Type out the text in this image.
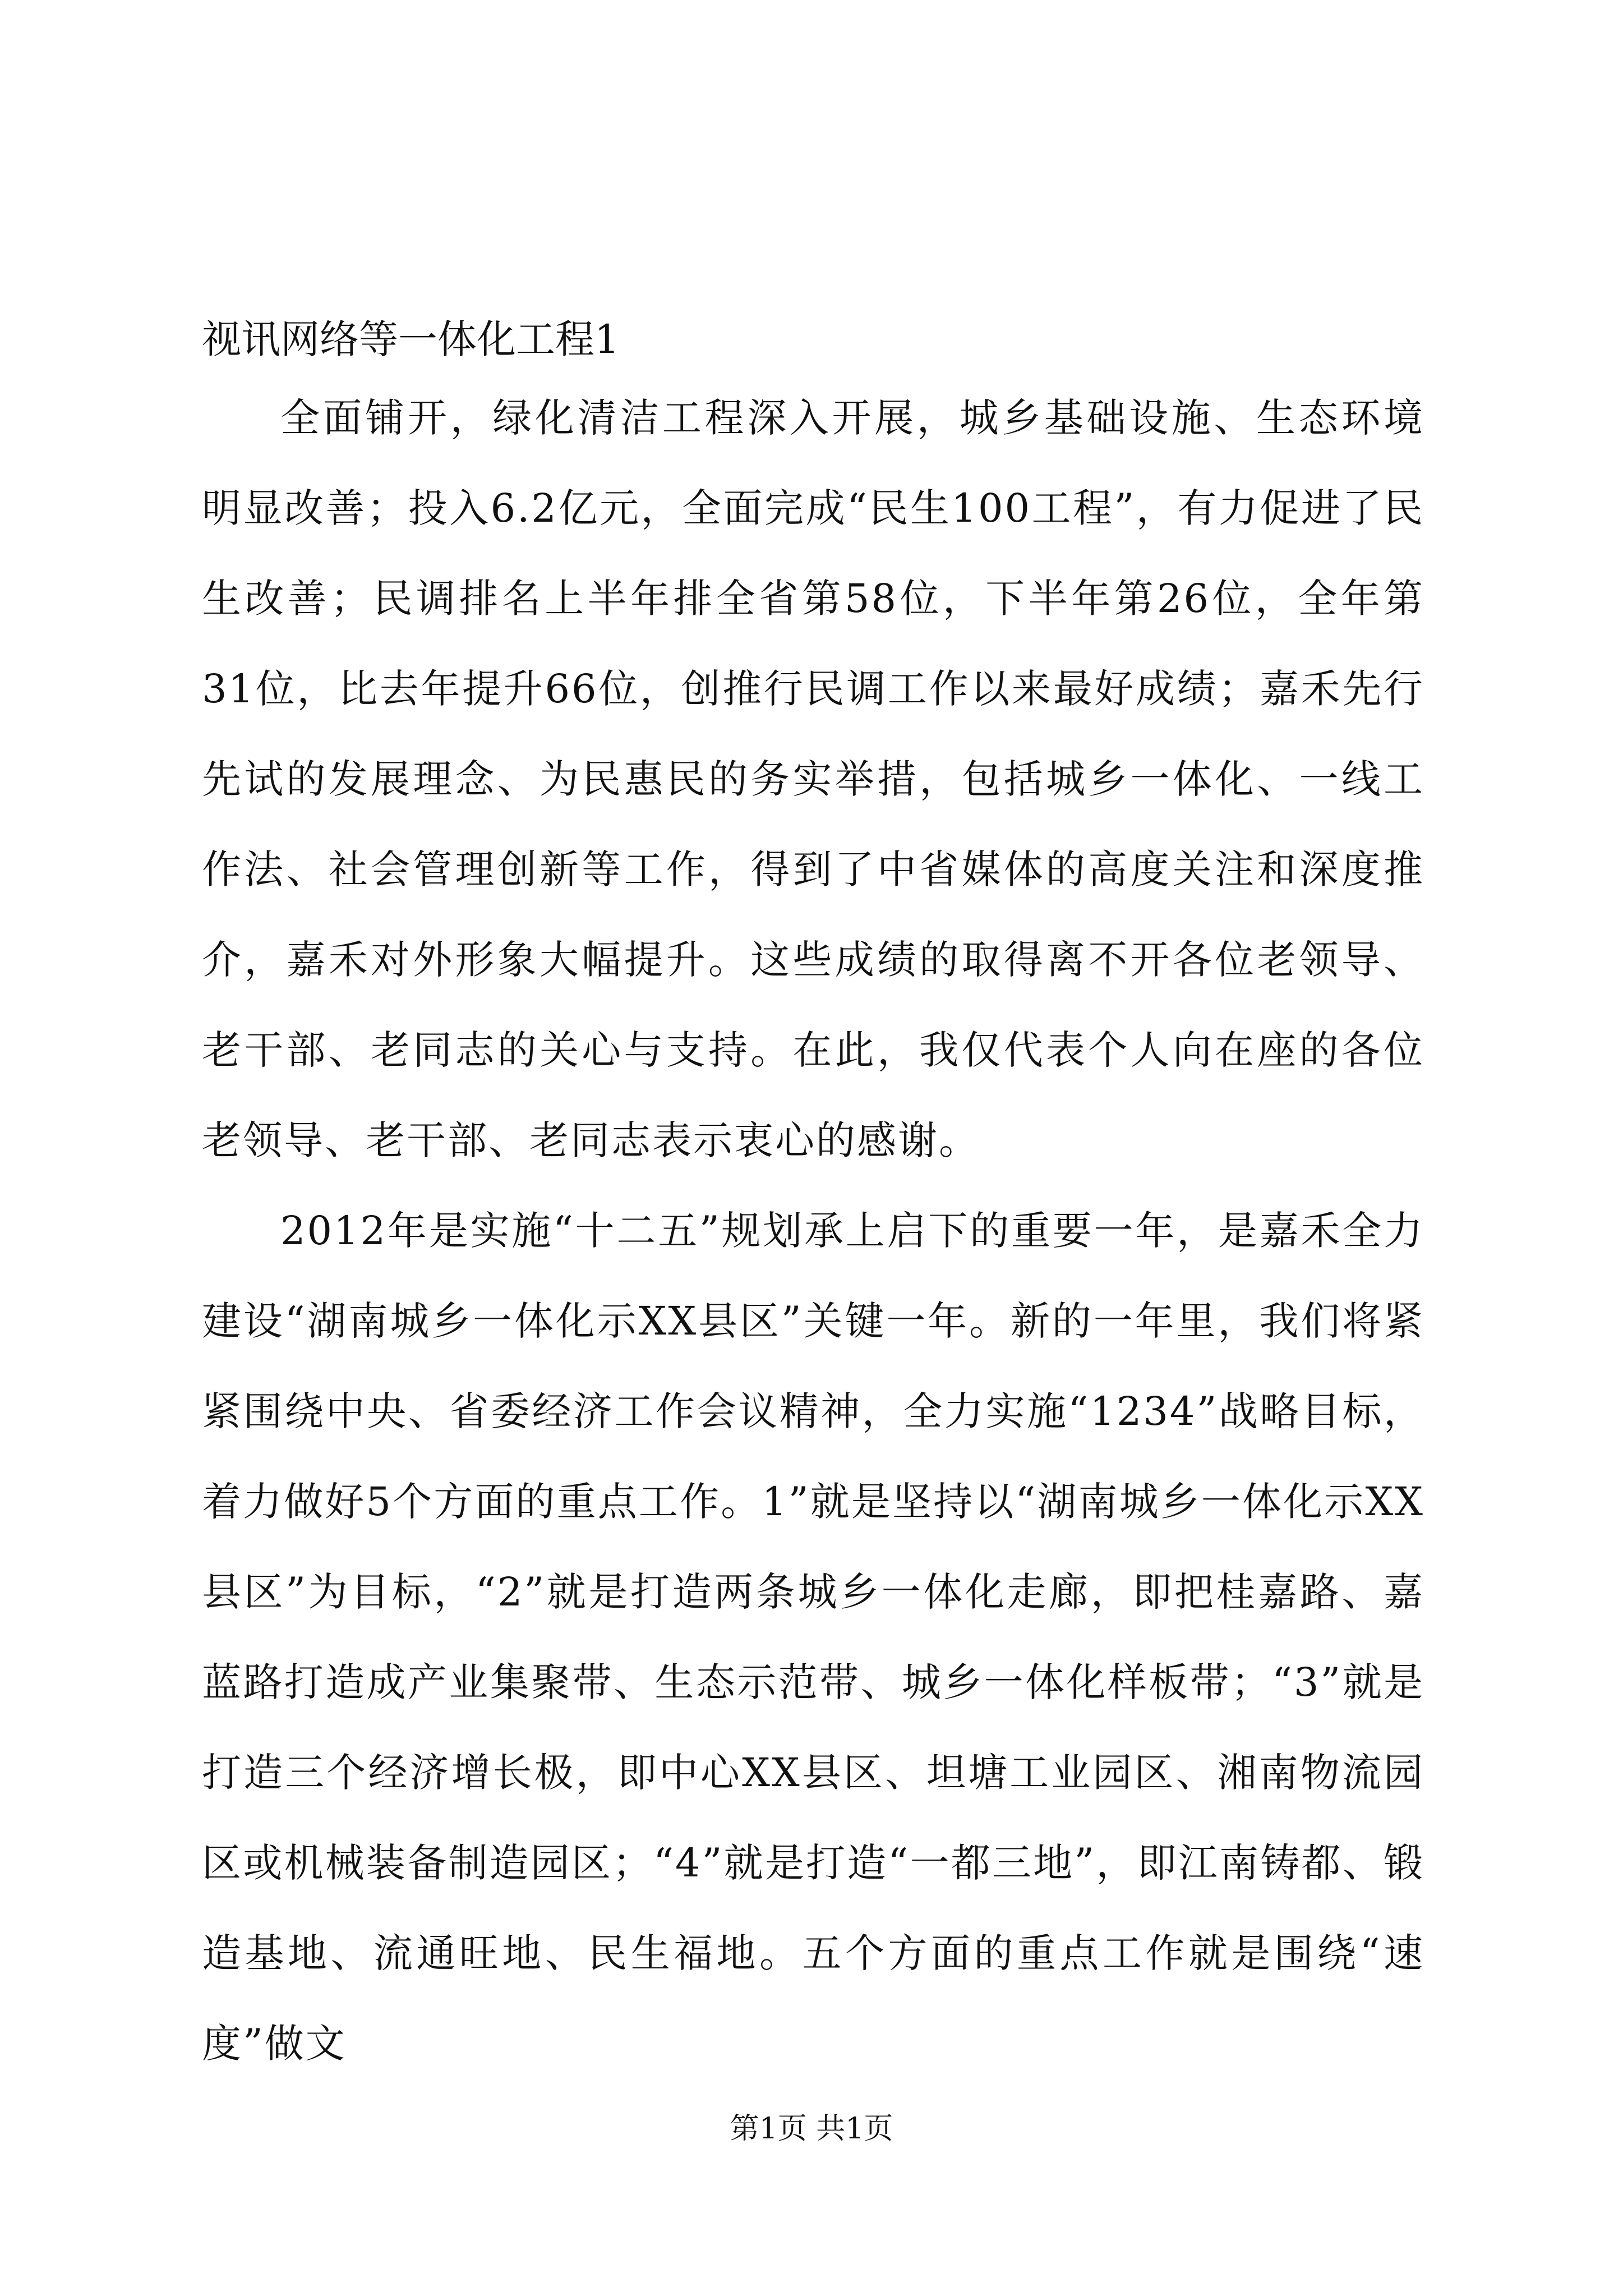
视讯网络等一体化工程1

全面铺开，绿化清洁工程深入开展，城乡基础设施、生态环境明显改善；投入6.2亿元，全面完成“民生100工程”，有力促进了民生改善；民调排名上半年排全省第58位，下半年第26位，全年第31位，比去年提升66位，创推行民调工作以来最好成绩；嘉禾先行先试的发展理念、为民惠民的务实举措，包括城乡一体化、一线工作法、社会管理创新等工作，得到了中省媒体的高度关注和深度推介，嘉禾对外形象大幅提升。这些成绩的取得离不开各位老领导、老干部、老同志的关心与支持。在此，我仅代表个人向在座的各位老领导、老干部、老同志表示衷心的感谢。

2012年是实施“十二五”规划承上启下的重要一年，是嘉禾全力建设“湖南城乡一体化示XX县区”关键一年。新的一年里，我们将紧紧围绕中央、省委经济工作会议精神，全力实施“1234”战略目标，着力做好5个方面的重点工作。1”就是坚持以“湖南城乡一体化示XX县区”为目标，“2”就是打造两条城乡一体化走廊，即把桂嘉路、嘉蓝路打造成产业集聚带、生态示范带、城乡一体化样板带；“3”就是打造三个经济增长极，即中心XX县区、坦塘工业园区、湘南物流园区或机械装备制造园区；“4”就是打造“一都三地”，即江南铸都、锻造基地、流通旺地、民生福地。五个方面的重点工作就是围绕“速度”做文

第1页 共1页
